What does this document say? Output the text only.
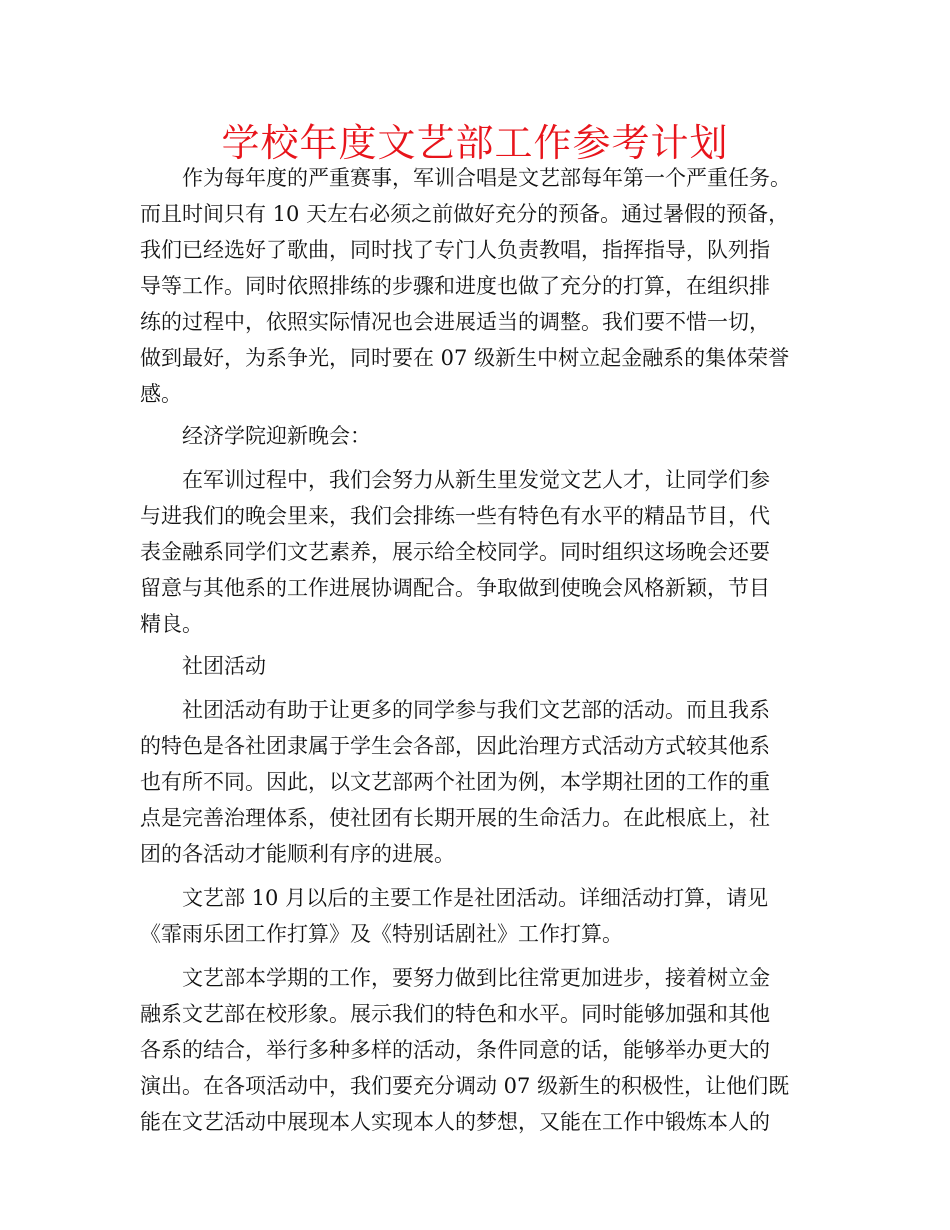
学校年度文艺部工作参考计划
作为每年度的严重赛事，军训合唱是文艺部每年第一个严重任务。
而且时间只有 10 天左右必须之前做好充分的预备。通过暑假的预备，
我们已经选好了歌曲，同时找了专门人负责教唱，指挥指导，队列指
导等工作。同时依照排练的步骤和进度也做了充分的打算，在组织排
练的过程中，依照实际情况也会进展适当的调整。我们要不惜一切，
做到最好，为系争光，同时要在 07 级新生中树立起金融系的集体荣誉
感。
经济学院迎新晚会：
在军训过程中，我们会努力从新生里发觉文艺人才，让同学们参
与进我们的晚会里来，我们会排练一些有特色有水平的精品节目，代
表金融系同学们文艺素养，展示给全校同学。同时组织这场晚会还要
留意与其他系的工作进展协调配合。争取做到使晚会风格新颖，节目
精良。
社团活动
社团活动有助于让更多的同学参与我们文艺部的活动。而且我系
的特色是各社团隶属于学生会各部，因此治理方式活动方式较其他系
也有所不同。因此，以文艺部两个社团为例，本学期社团的工作的重
点是完善治理体系，使社团有长期开展的生命活力。在此根底上，社
团的各活动才能顺利有序的进展。
文艺部 10 月以后的主要工作是社团活动。详细活动打算，请见
《霏雨乐团工作打算》及《特别话剧社》工作打算。
文艺部本学期的工作，要努力做到比往常更加进步，接着树立金
融系文艺部在校形象。展示我们的特色和水平。同时能够加强和其他
各系的结合，举行多种多样的活动，条件同意的话，能够举办更大的
演出。在各项活动中，我们要充分调动 07 级新生的积极性，让他们既
能在文艺活动中展现本人实现本人的梦想，又能在工作中锻炼本人的
